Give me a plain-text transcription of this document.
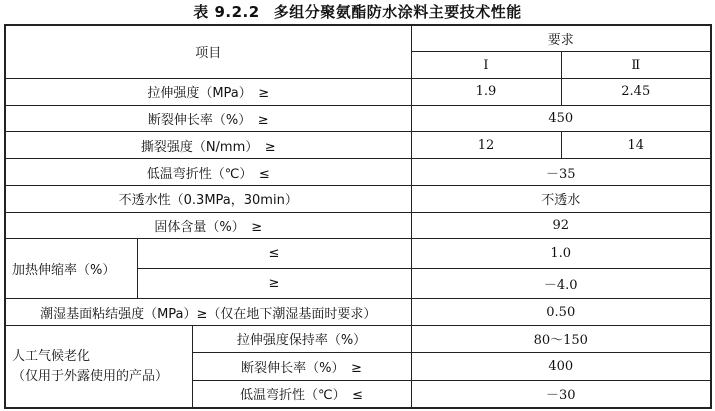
表 9.2.2 多组分聚氨酯防水涂料主要技术性能
项目			要求	
			Ⅰ	Ⅱ
拉伸强度（MPa）　≥			1.9	2.45
断裂伸长率（%）　≥			450	
撕裂强度（N/mm）　≥			12	14
低温弯折性（℃）　≤			－35	
不透水性（0.3MPa，30min）			不透水	
固体含量（%）　≥			92	
加热伸缩率（%）	≤		1.0	
	≥		－4.0	
潮湿基面粘结强度（MPa）≥（仅在地下潮湿基面时要求）			0.50	

人工气候老化
（仅用于外露使用的产品）		拉伸强度保持率（%）	80～150	
		断裂伸长率（%）　≥	400	
		低温弯折性（℃）　≤	－30	
